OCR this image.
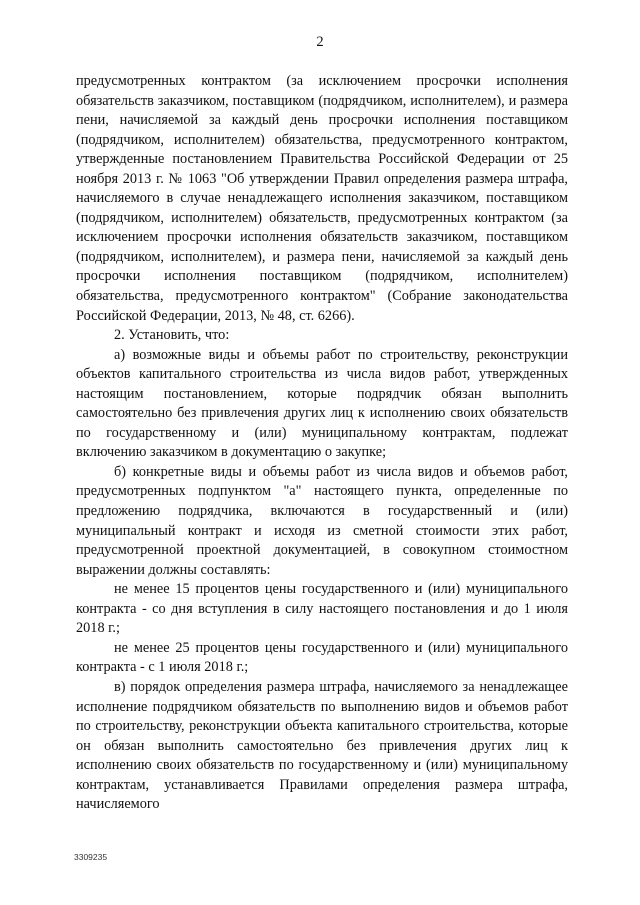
2

предусмотренных контрактом (за исключением просрочки исполнения обязательств заказчиком, поставщиком (подрядчиком, исполнителем), и размера пени, начисляемой за каждый день просрочки исполнения поставщиком (подрядчиком, исполнителем) обязательства, предусмотренного контрактом, утвержденные постановлением Правительства Российской Федерации от 25 ноября 2013 г. № 1063 "Об утверждении Правил определения размера штрафа, начисляемого в случае ненадлежащего исполнения заказчиком, поставщиком (подрядчиком, исполнителем) обязательств, предусмотренных контрактом (за исключением просрочки исполнения обязательств заказчиком, поставщиком (подрядчиком, исполнителем), и размера пени, начисляемой за каждый день просрочки исполнения поставщиком (подрядчиком, исполнителем) обязательства, предусмотренного контрактом" (Собрание законодательства Российской Федерации, 2013, № 48, ст. 6266).

2. Установить, что:

а) возможные виды и объемы работ по строительству, реконструкции объектов капитального строительства из числа видов работ, утвержденных настоящим постановлением, которые подрядчик обязан выполнить самостоятельно без привлечения других лиц к исполнению своих обязательств по государственному и (или) муниципальному контрактам, подлежат включению заказчиком в документацию о закупке;

б) конкретные виды и объемы работ из числа видов и объемов работ, предусмотренных подпунктом "а" настоящего пункта, определенные по предложению подрядчика, включаются в государственный и (или) муниципальный контракт и исходя из сметной стоимости этих работ, предусмотренной проектной документацией, в совокупном стоимостном выражении должны составлять:

не менее 15 процентов цены государственного и (или) муниципального контракта - со дня вступления в силу настоящего постановления и до 1 июля 2018 г.;

не менее 25 процентов цены государственного и (или) муниципального контракта - с 1 июля 2018 г.;

в) порядок определения размера штрафа, начисляемого за ненадлежащее исполнение подрядчиком обязательств по выполнению видов и объемов работ по строительству, реконструкции объекта капитального строительства, которые он обязан выполнить самостоятельно без привлечения других лиц к исполнению своих обязательств по государственному и (или) муниципальному контрактам, устанавливается Правилами определения размера штрафа, начисляемого

3309235
